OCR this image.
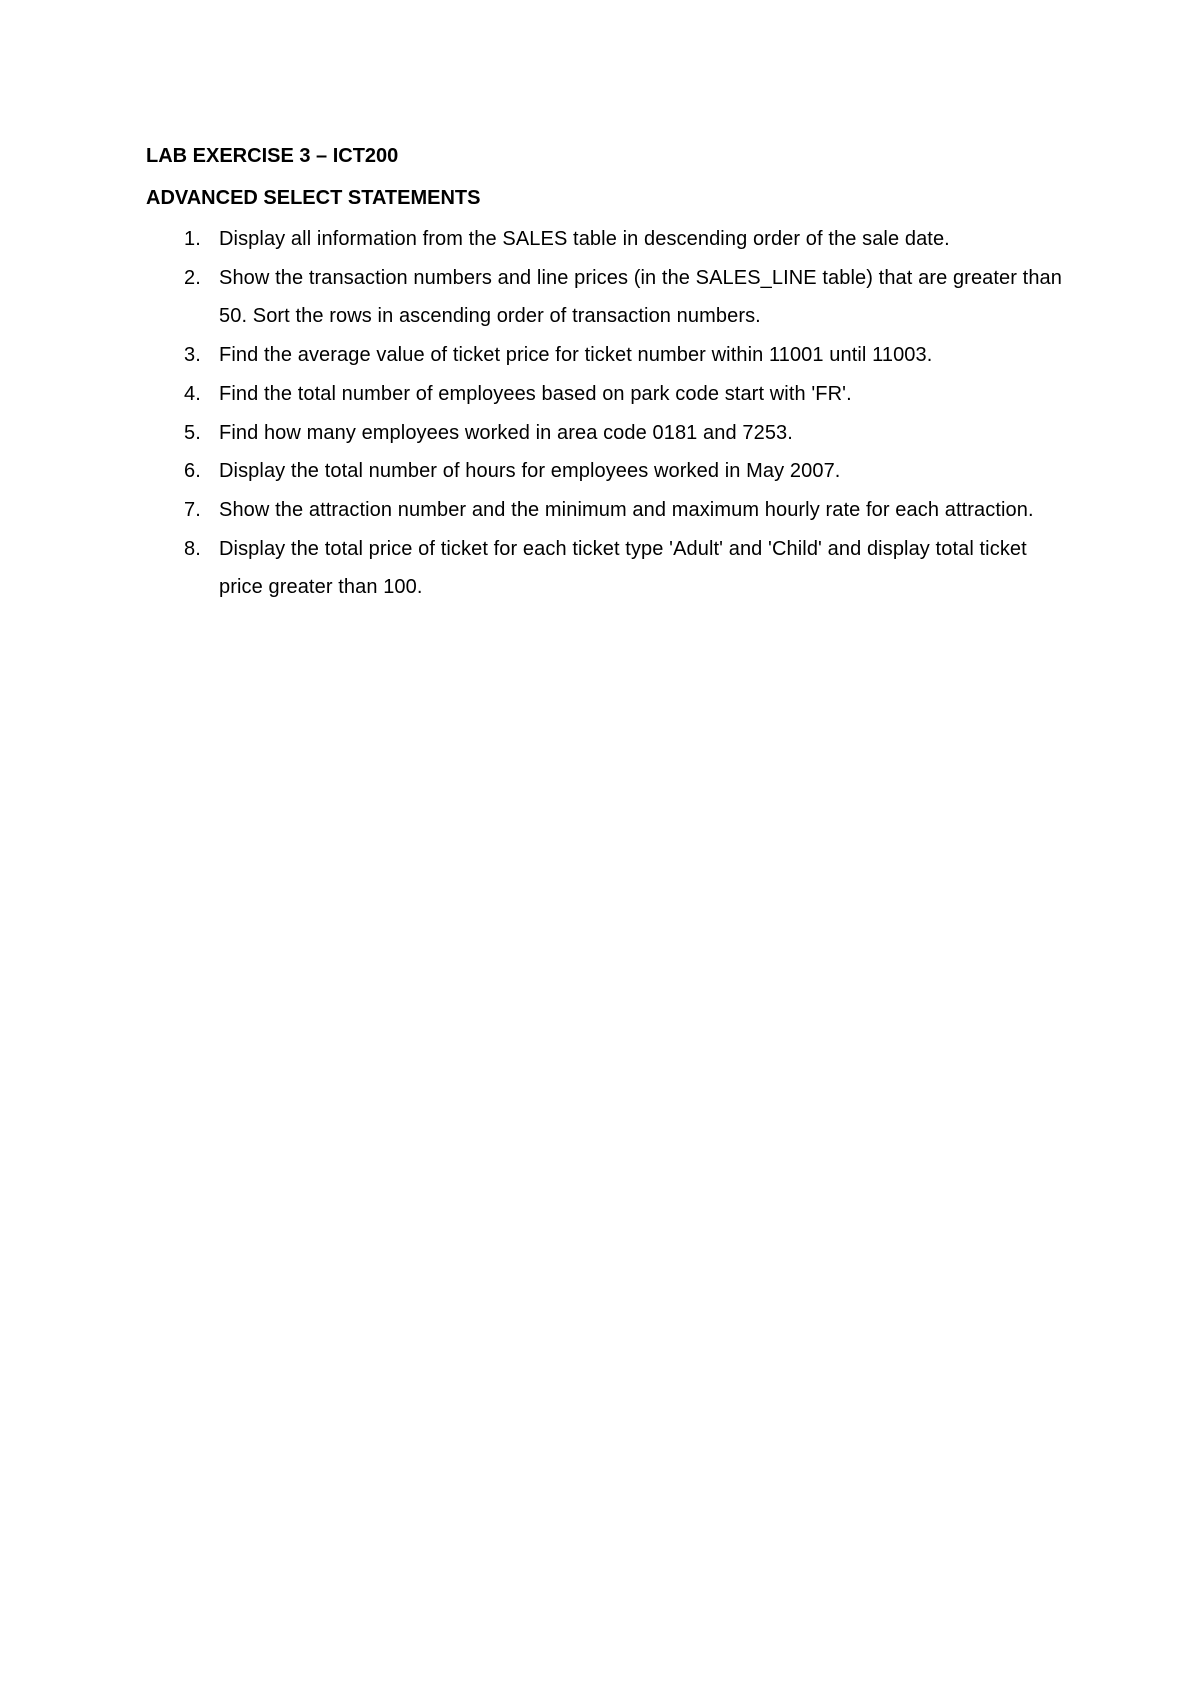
LAB EXERCISE 3 – ICT200
ADVANCED SELECT STATEMENTS
1. Display all information from the SALES table in descending order of the sale date.
2. Show the transaction numbers and line prices (in the SALES_LINE table) that are greater than 50. Sort the rows in ascending order of transaction numbers.
3. Find the average value of ticket price for ticket number within 11001 until 11003.
4. Find the total number of employees based on park code start with 'FR'.
5. Find how many employees worked in area code 0181 and 7253.
6. Display the total number of hours for employees worked in May 2007.
7. Show the attraction number and the minimum and maximum hourly rate for each attraction.
8. Display the total price of ticket for each ticket type 'Adult' and 'Child' and display total ticket price greater than 100.
